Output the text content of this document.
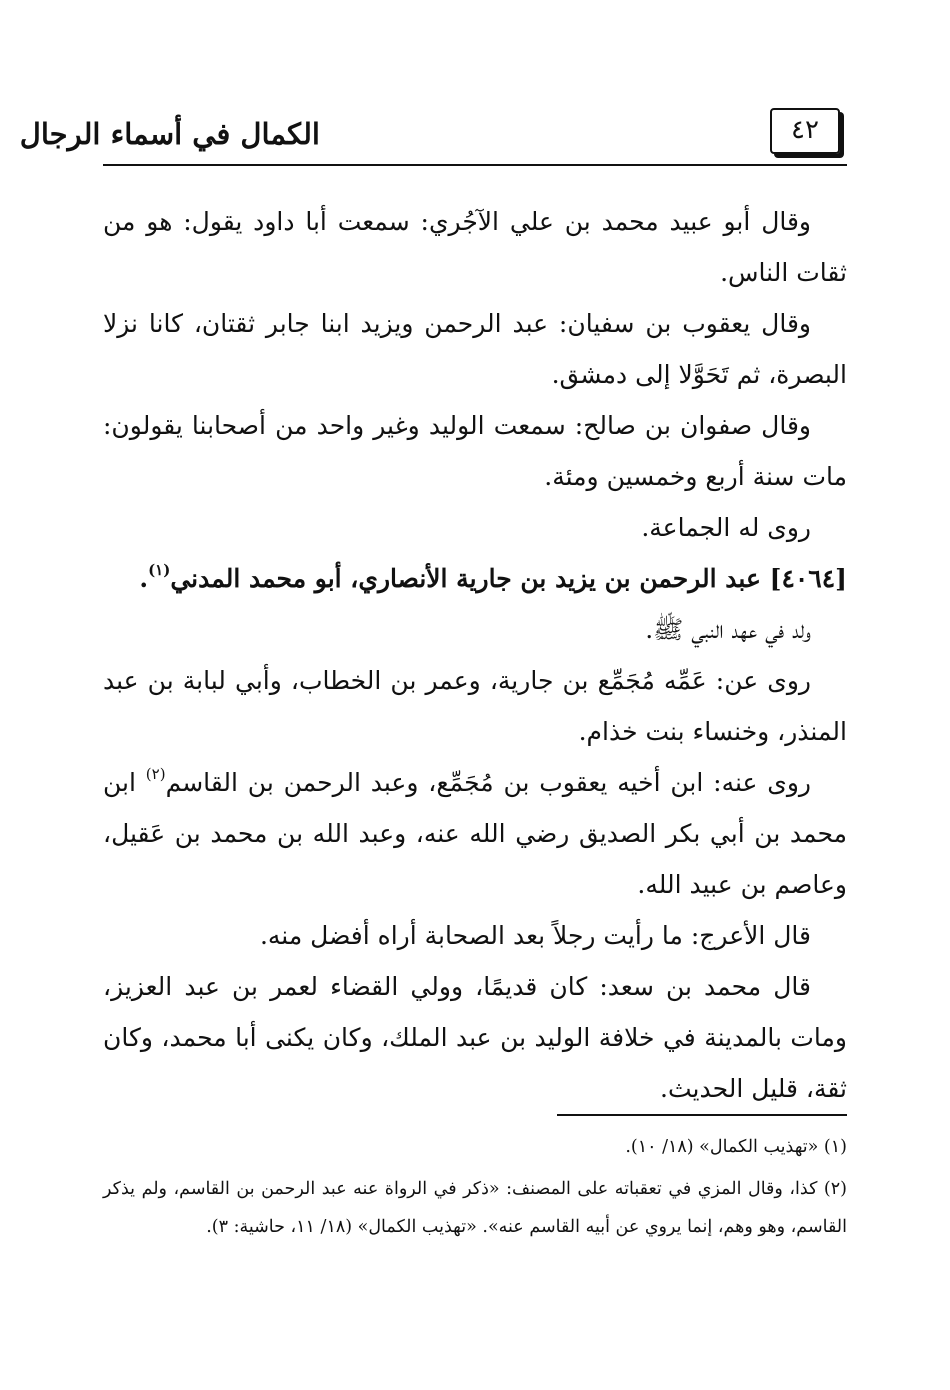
الكمال في أسماء الرجال	٤٢

وقال أبو عبيد محمد بن علي الآجُري: سمعت أبا داود يقول: هو من ثقات الناس.

وقال يعقوب بن سفيان: عبد الرحمن ويزيد ابنا جابر ثقتان، كانا نزلا البصرة، ثم تَحَوَّلا إلى دمشق.

وقال صفوان بن صالح: سمعت الوليد وغير واحد من أصحابنا يقولون: مات سنة أربع وخمسين ومئة.

روى له الجماعة.

[٤٠٦٤] عبد الرحمن بن يزيد بن جارية الأنصاري، أبو محمد المدني$^{(١)}$.

ولد في عهد النبي ﷺ.

روى عن: عَمِّه مُجَمِّع بن جارية، وعمر بن الخطاب، وأبي لبابة بن عبد المنذر، وخنساء بنت خذام.

روى عنه: ابن أخيه يعقوب بن مُجَمِّع، وعبد الرحمن بن القاسم$^{(٢)}$ ابن محمد بن أبي بكر الصديق رضي الله عنه، وعبد الله بن محمد بن عَقيل، وعاصم بن عبيد الله.

قال الأعرج: ما رأيت رجلاً بعد الصحابة أراه أفضل منه.

قال محمد بن سعد: كان قديمًا، وولي القضاء لعمر بن عبد العزيز، ومات بالمدينة في خلافة الوليد بن عبد الملك، وكان يكنى أبا محمد، وكان ثقة، قليل الحديث.

(١) «تهذيب الكمال» (١٨/ ١٠).

(٢) كذا، وقال المزي في تعقباته على المصنف: «ذكر في الرواة عنه عبد الرحمن بن القاسم، ولم يذكر القاسم، وهو وهم، إنما يروي عن أبيه القاسم عنه». «تهذيب الكمال» (١٨/ ١١، حاشية: ٣).
